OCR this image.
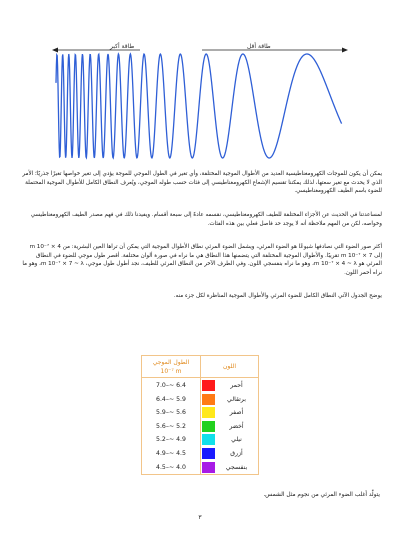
طاقة أكبر	طاقة أقل

يمكن أن يكون للموجات الكهرومغناطيسية العديد من الأطوال الموجية المختلفة، وأي تغير في الطول الموجي للموجة يؤدي إلى تغير خواصها تغيرًا جذريًا؛ الأمر الذي لا يحدث مع تغير سعتها، لذلك يمكننا تقسيم الإشعاع الكهرومغناطيسي إلى فئات حسب طوله الموجي، ويُعرف النطاق الكامل للأطوال الموجية المحتملة للضوء باسم الطيف الكهرومغناطيسي.

لمساعدتنا في الحديث عن الأجزاء المختلفة للطيف الكهرومغناطيسي، نقسمه عادةً إلى سبعة أقسام. ويفيدنا ذلك في فهم مصدر الطيف الكهرومغناطيسي وخواصه، لكن من المهم ملاحظة أنه لا يوجد حد فاصل فعلي بين هذه الفئات.

أكثر صور الضوء التي نصادفها شيوعًا هو الضوء المرئي، ويشمل الضوء المرئي نطاق الأطوال الموجية التي يمكن أن تراها العين البشرية: من m 10⁻⁷ × 4 إلى m 10⁻⁷ × 7 تقريبًا. والأطوال الموجية المختلفة التي يتضمنها هذا النطاق هي ما نراه في صورة ألوان مختلفة. أقصر طول موجي للضوء في النطاق المرئي هو m 10⁻⁷ × 4 ~ λ، وهو ما نراه بنفسجي اللون. وفي الطرف الآخر من النطاق المرئي للطيف، نجد أطول طول موجي، m 10⁻⁷ × 7 ~ λ، وهو ما نراه أحمر اللون.

يوضح الجدول الآتي النطاق الكامل للضوء المرئي والأطوال الموجية المناظرة لكل جزء منه.

اللون
الطول الموجي
10⁻⁷ m
7.0–~ 6.4	أحمر
6.4–~ 5.9	برتقالي
5.9–~ 5.6	أصفر
5.6–~ 5.2	أخضر
5.2–~ 4.9	نيلي
4.9–~ 4.5	أزرق
4.5–~ 4.0	بنفسجي

يتولّد أغلب الضوء المرئي من نجوم مثل الشمس.

٣
